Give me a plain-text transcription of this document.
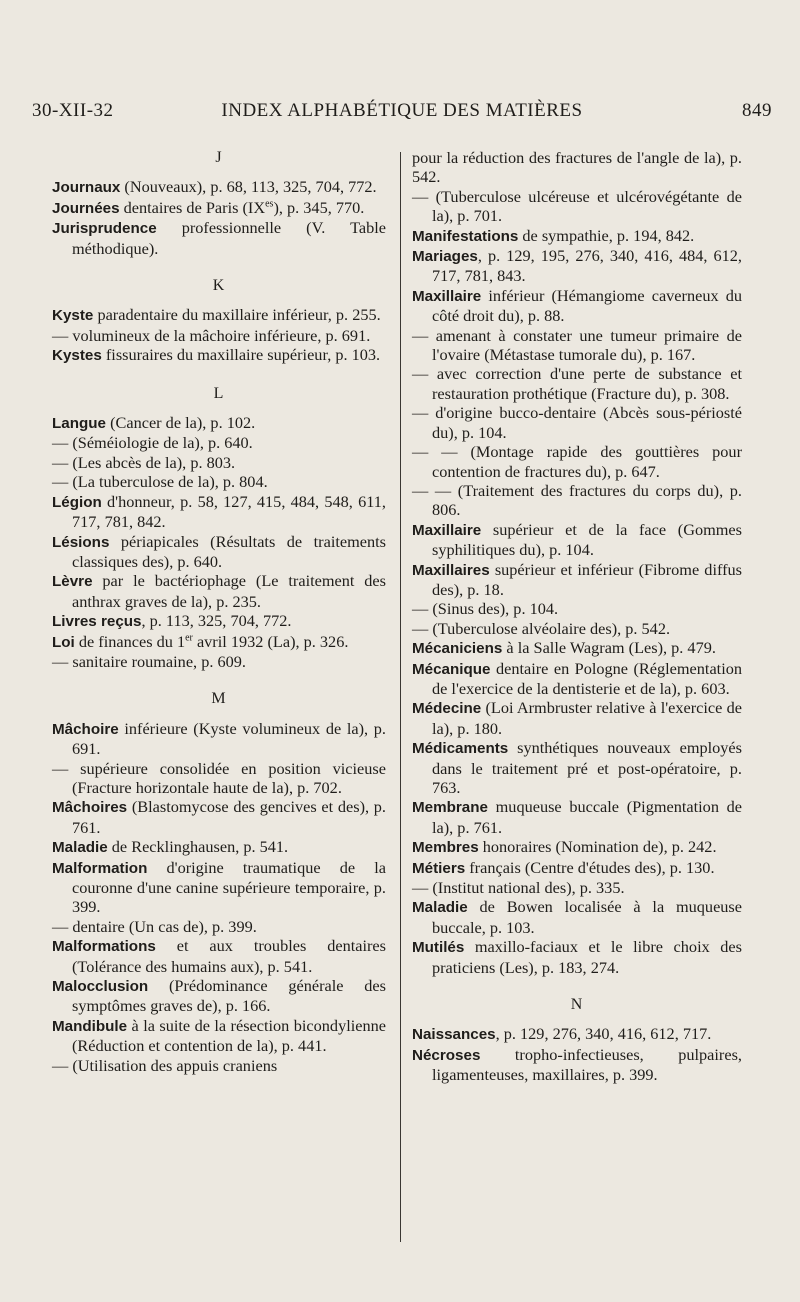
30-XII-32	INDEX ALPHABÉTIQUE DES MATIÈRES	849
J

Journaux (Nouveaux), p. 68, 113, 325, 704, 772.

Journées dentaires de Paris $(IX^{es})$, p. 345, 770.

Jurisprudence professionnelle (V. Table méthodique).

K

Kyste paradentaire du maxillaire inférieur, p. 255.

— volumineux de la mâchoire inférieure, p. 691.

Kystes fissuraires du maxillaire supérieur, p. 103.

L

Langue (Cancer de la), p. 102.

— (Séméiologie de la), p. 640.

— (Les abcès de la), p. 803.

— (La tuberculose de la), p. 804.

Légion d'honneur, p. 58, 127, 415, 484, 548, 611, 717, 781, 842.

Lésions périapicales (Résultats de traitements classiques des), p. 640.

Lèvre par le bactériophage (Le traitement des anthrax graves de la), p. 235.

Livres reçus, p. 113, 325, 704, 772.

Loi de finances du 1er avril 1932 (La), p. 326.

— sanitaire roumaine, p. 609.

M

Mâchoire inférieure (Kyste volumineux de la), p. 691.

— supérieure consolidée en position vicieuse (Fracture horizontale haute de la), p. 702.

Mâchoires (Blastomycose des gencives et des), p. 761.

Maladie de Recklinghausen, p. 541.

Malformation d'origine traumatique de la couronne d'une canine supérieure temporaire, p. 399.

— dentaire (Un cas de), p. 399.

Malformations et aux troubles dentaires (Tolérance des humains aux), p. 541.

Malocclusion (Prédominance générale des symptômes graves de), p. 166.

Mandibule à la suite de la résection bicondylienne (Réduction et contention de la), p. 441.

— (Utilisation des appuis craniens

pour la réduction des fractures de l'angle de la), p. 542.

— (Tuberculose ulcéreuse et ulcérovégétante de la), p. 701.

Manifestations de sympathie, p. 194, 842.

Mariages, p. 129, 195, 276, 340, 416, 484, 612, 717, 781, 843.

Maxillaire inférieur (Hémangiome caverneux du côté droit du), p. 88.

— amenant à constater une tumeur primaire de l'ovaire (Métastase tumorale du), p. 167.

— avec correction d'une perte de substance et restauration prothétique (Fracture du), p. 308.

— d'origine bucco-dentaire (Abcès sous-périosté du), p. 104.

— — (Montage rapide des gouttières pour contention de fractures du), p. 647.

— — (Traitement des fractures du corps du), p. 806.

Maxillaire supérieur et de la face (Gommes syphilitiques du), p. 104.

Maxillaires supérieur et inférieur (Fibrome diffus des), p. 18.

— (Sinus des), p. 104.

— (Tuberculose alvéolaire des), p. 542.

Mécaniciens à la Salle Wagram (Les), p. 479.

Mécanique dentaire en Pologne (Réglementation de l'exercice de la dentisterie et de la), p. 603.

Médecine (Loi Armbruster relative à l'exercice de la), p. 180.

Médicaments synthétiques nouveaux employés dans le traitement pré et post-opératoire, p. 763.

Membrane muqueuse buccale (Pigmentation de la), p. 761.

Membres honoraires (Nomination de), p. 242.

Métiers français (Centre d'études des), p. 130.

— (Institut national des), p. 335.

Maladie de Bowen localisée à la muqueuse buccale, p. 103.

Mutilés maxillo-faciaux et le libre choix des praticiens (Les), p. 183, 274.

N

Naissances, p. 129, 276, 340, 416, 612, 717.

Nécroses tropho-infectieuses, pulpaires, ligamenteuses, maxillaires, p. 399.
